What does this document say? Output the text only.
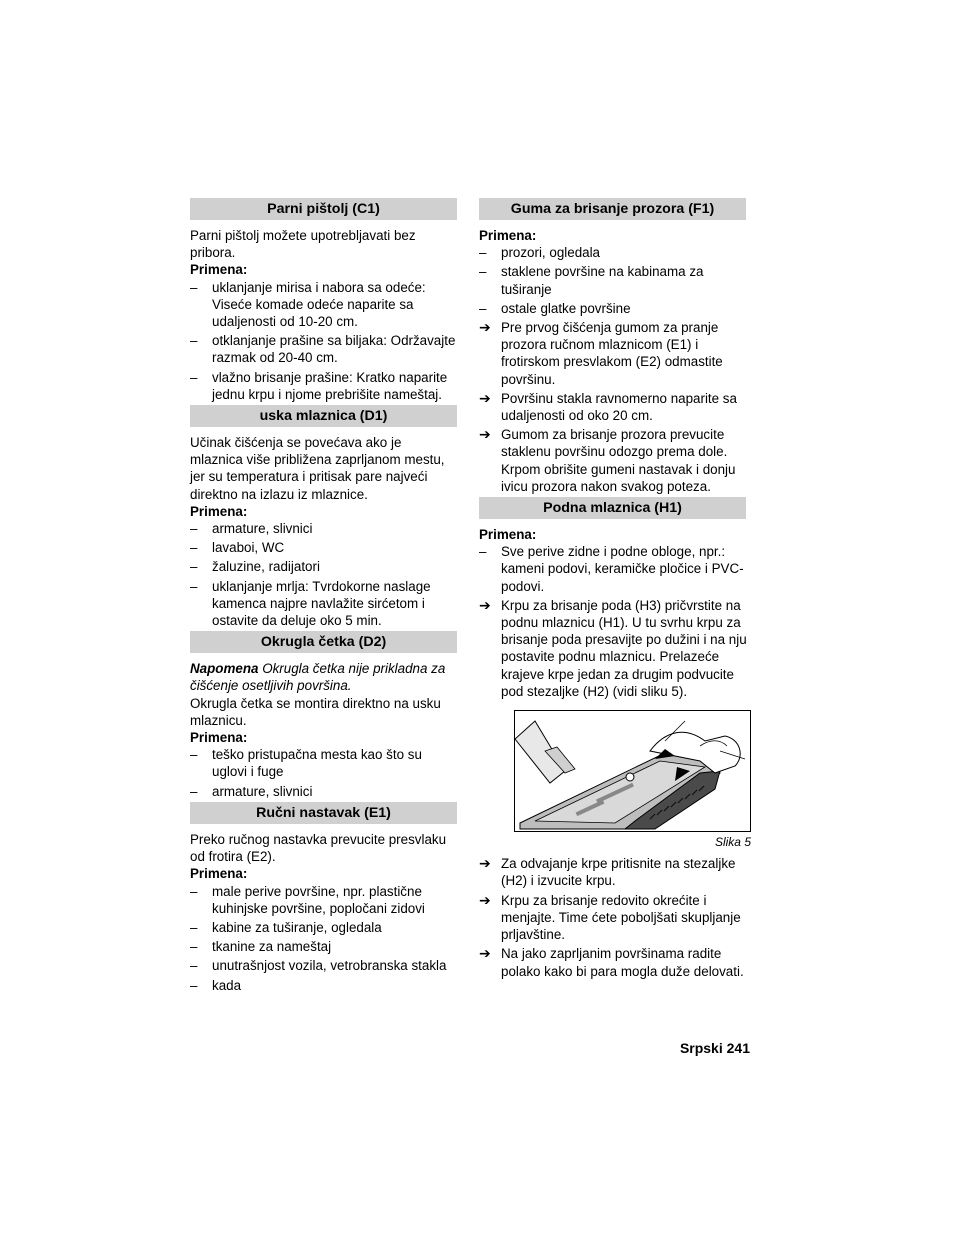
Parni pištolj (C1)

Parni pištolj možete upotrebljavati bez pribora.

Primena:
– uklanjanje mirisa i nabora sa odeće: Viseće komade odeće naparite sa udaljenosti od 10-20 cm.
– otklanjanje prašine sa biljaka: Održavajte razmak od 20-40 cm.
– vlažno brisanje prašine: Kratko naparite jednu krpu i njome prebrišite nameštaj.
uska mlaznica (D1)

Učinak čišćenja se povećava ako je mlaznica više približena zaprljanom mestu, jer su temperatura i pritisak pare najveći direktno na izlazu iz mlaznice.

Primena:
– armature, slivnici
– lavaboi, WC
– žaluzine, radijatori
– uklanjanje mrlja: Tvrdokorne naslage kamenca najpre navlažite sirćetom i ostavite da deluje oko 5 min.
Okrugla četka (D2)

Napomena Okrugla četka nije prikladna za čišćenje osetljivih površina.

Okrugla četka se montira direktno na usku mlaznicu.

Primena:
– teško pristupačna mesta kao što su uglovi i fuge
– armature, slivnici
Ručni nastavak (E1)

Preko ručnog nastavka prevucite presvlaku od frotira (E2).

Primena:
– male perive površine, npr. plastične kuhinjske površine, popločani zidovi
– kabine za tuširanje, ogledala
– tkanine za nameštaj
– unutrašnjost vozila, vetrobranska stakla
– kada
Guma za brisanje prozora (F1)
Primena:
– prozori, ogledala
– staklene površine na kabinama za tuširanje
– ostale glatke površine
➔ Pre prvog čišćenja gumom za pranje prozora ručnom mlaznicom (E1) i frotirskom presvlakom (E2) odmastite površinu.
➔ Površinu stakla ravnomerno naparite sa udaljenosti od oko 20 cm.
➔ Gumom za brisanje prozora prevucite staklenu površinu odozgo prema dole. Krpom obrišite gumeni nastavak i donju ivicu prozora nakon svakog poteza.
Podna mlaznica (H1)
Primena:
– Sve perive zidne i podne obloge, npr.: kameni podovi, keramičke pločice i PVC-podovi.
➔ Krpu za brisanje poda (H3) pričvrstite na podnu mlaznicu (H1). U tu svrhu krpu za brisanje poda presavijte po dužini i na nju postavite podnu mlaznicu. Prelazeće krajeve krpe jedan za drugim podvucite pod stezaljke (H2) (vidi sliku 5).
Slika 5
➔ Za odvajanje krpe pritisnite na stezaljke (H2) i izvucite krpu.
➔ Krpu za brisanje redovito okrećite i menjajte. Time ćete poboljšati skupljanje prljavštine.
➔ Na jako zaprljanim površinama radite polako kako bi para mogla duže delovati.
Srpski 241
